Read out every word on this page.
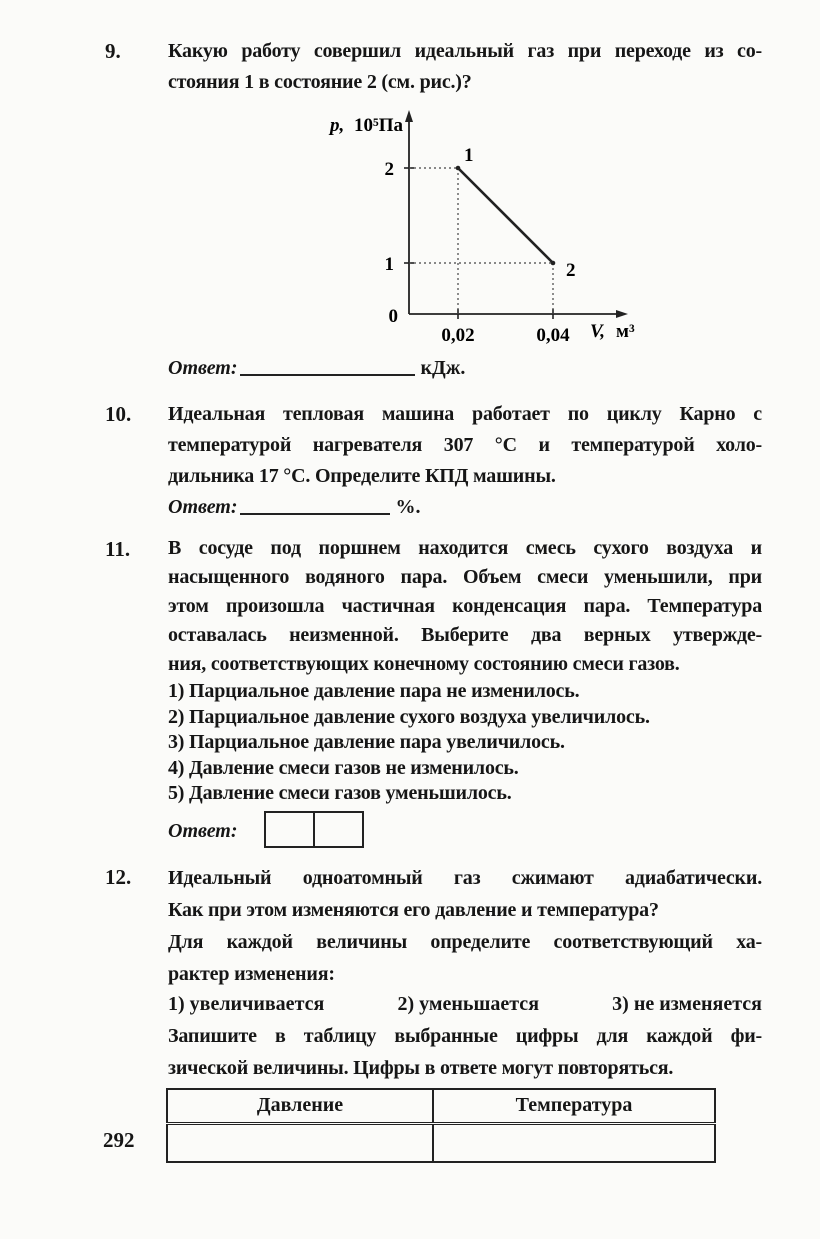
9.	Какую работу совершил идеальный газ при переходе из со-
стояния 1 в состояние 2 (см. рис.)?
p, 10⁵Па
2
1
0
0,02	0,04 V, м³
1
2
Ответ:	кДж.
10.	Идеальная тепловая машина работает по циклу Карно с
температурой нагревателя 307 °C и температурой холо-
дильника 17 °C. Определите КПД машины.
Ответ:	%.
11.	В сосуде под поршнем находится смесь сухого воздуха и
насыщенного водяного пара. Объем смеси уменьшили, при
этом произошла частичная конденсация пара. Температура
оставалась неизменной. Выберите два верных утвержде-
ния, соответствующих конечному состоянию смеси газов.
1) Парциальное давление пара не изменилось.
2) Парциальное давление сухого воздуха увеличилось.
3) Парциальное давление пара увеличилось.
4) Давление смеси газов не изменилось.
5) Давление смеси газов уменьшилось.
Ответ:
12.	Идеальный одноатомный газ сжимают адиабатически.
Как при этом изменяются его давление и температура?
Для каждой величины определите соответствующий ха-
рактер изменения:
1) увеличивается	2) уменьшается	3) не изменяется
Запишите в таблицу выбранные цифры для каждой фи-
зической величины. Цифры в ответе могут повторяться.
Давление	Температура

292
